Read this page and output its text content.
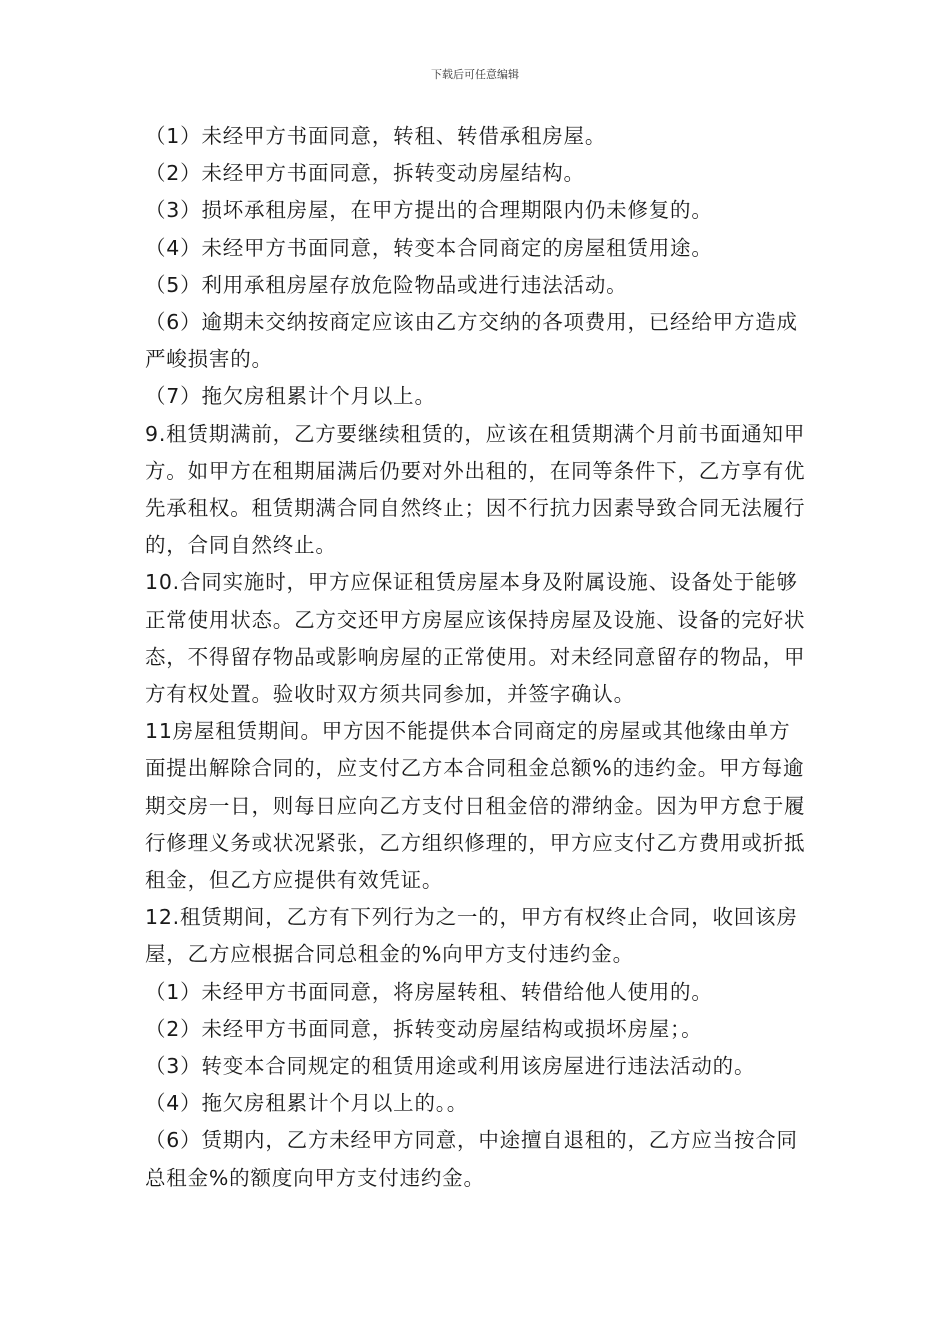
下载后可任意编辑

（1）未经甲方书面同意，转租、转借承租房屋。

（2）未经甲方书面同意，拆转变动房屋结构。

（3）损坏承租房屋，在甲方提出的合理期限内仍未修复的。

（4）未经甲方书面同意，转变本合同商定的房屋租赁用途。

（5）利用承租房屋存放危险物品或进行违法活动。

（6）逾期未交纳按商定应该由乙方交纳的各项费用，已经给甲方造成严峻损害的。

（7）拖欠房租累计个月以上。

9.租赁期满前，乙方要继续租赁的，应该在租赁期满个月前书面通知甲方。如甲方在租期届满后仍要对外出租的，在同等条件下，乙方享有优先承租权。租赁期满合同自然终止；因不行抗力因素导致合同无法履行的，合同自然终止。

10.合同实施时，甲方应保证租赁房屋本身及附属设施、设备处于能够正常使用状态。乙方交还甲方房屋应该保持房屋及设施、设备的完好状态，不得留存物品或影响房屋的正常使用。对未经同意留存的物品，甲方有权处置。验收时双方须共同参加，并签字确认。

11房屋租赁期间。甲方因不能提供本合同商定的房屋或其他缘由单方面提出解除合同的，应支付乙方本合同租金总额%的违约金。甲方每逾期交房一日，则每日应向乙方支付日租金倍的滞纳金。因为甲方怠于履行修理义务或状况紧张，乙方组织修理的，甲方应支付乙方费用或折抵租金，但乙方应提供有效凭证。

12.租赁期间，乙方有下列行为之一的，甲方有权终止合同，收回该房屋，乙方应根据合同总租金的%向甲方支付违约金。

（1）未经甲方书面同意，将房屋转租、转借给他人使用的。

（2）未经甲方书面同意，拆转变动房屋结构或损坏房屋；。

（3）转变本合同规定的租赁用途或利用该房屋进行违法活动的。

（4）拖欠房租累计个月以上的。。

（6）赁期内，乙方未经甲方同意，中途擅自退租的，乙方应当按合同总租金%的额度向甲方支付违约金。
